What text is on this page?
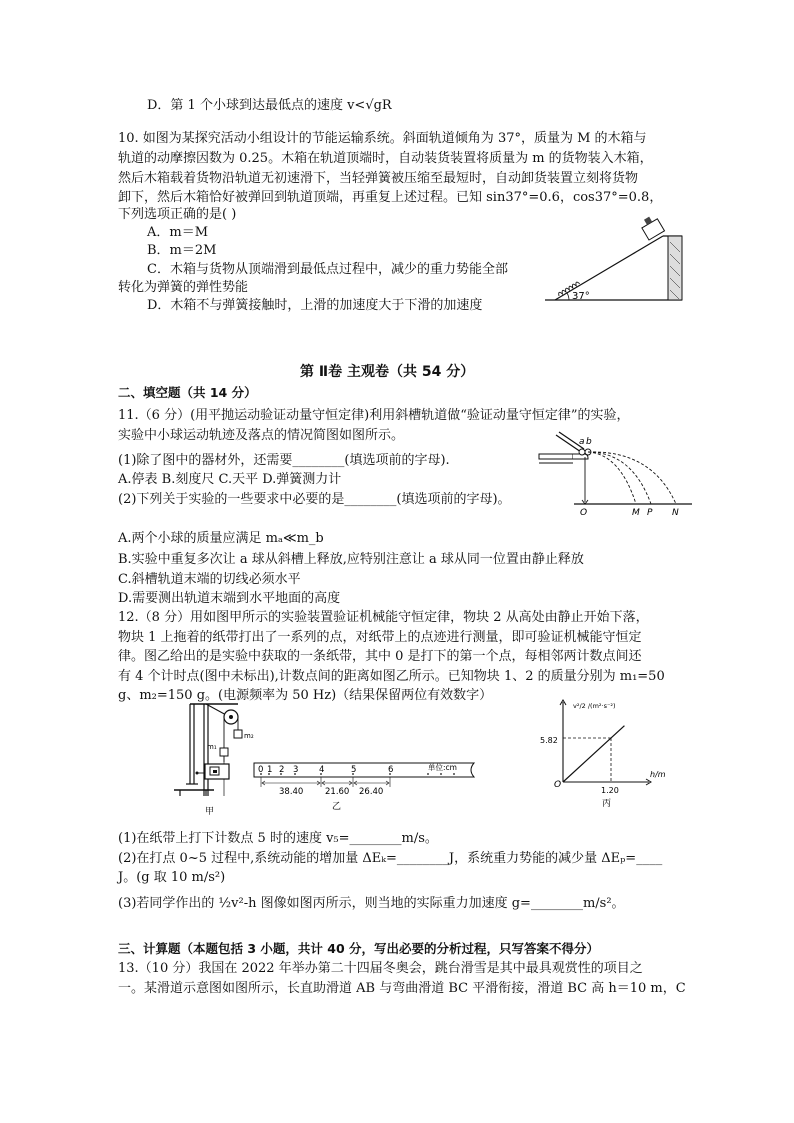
D．第 1 个小球到达最低点的速度 v<√gR
10. 如图为某探究活动小组设计的节能运输系统。斜面轨道倾角为 37°，质量为 M 的木箱与
轨道的动摩擦因数为 0.25。木箱在轨道顶端时，自动装货装置将质量为 m 的货物装入木箱，
然后木箱载着货物沿轨道无初速滑下，当轻弹簧被压缩至最短时，自动卸货装置立刻将货物
卸下，然后木箱恰好被弹回到轨道顶端，再重复上述过程。已知 sin37°=0.6，cos37°=0.8，
下列选项正确的是( )
A．m＝M
B．m＝2M
C．木箱与货物从顶端滑到最低点过程中，减少的重力势能全部
转化为弹簧的弹性势能
D．木箱不与弹簧接触时，上滑的加速度大于下滑的加速度
37°
第 Ⅱ卷 主观卷（共 54 分）
二、填空题（共 14 分）
11.（6 分）(用平抛运动验证动量守恒定律)利用斜槽轨道做“验证动量守恒定律”的实验，
实验中小球运动轨迹及落点的情况简图如图所示。
(1)除了图中的器材外，还需要________(填选项前的字母).
A.停表 B.刻度尺 C.天平 D.弹簧测力计
(2)下列关于实验的一些要求中必要的是________(填选项前的字母)。
A.两个小球的质量应满足 mₐ≪m_b
B.实验中重复多次让 a 球从斜槽上释放,应特别注意让 a 球从同一位置由静止释放
C.斜槽轨道末端的切线必须水平
D.需要测出轨道末端到水平地面的高度
a b
O	M P N
12.（8 分）用如图甲所示的实验装置验证机械能守恒定律，物块 2 从高处由静止开始下落，
物块 1 上拖着的纸带打出了一系列的点，对纸带上的点迹进行测量，即可验证机械能守恒定
律。图乙给出的是实验中获取的一条纸带，其中 0 是打下的第一个点，每相邻两计数点间还
有 4 个计时点(图中未标出),计数点间的距离如图乙所示。已知物块 1、2 的质量分别为 m₁=50
g、m₂=150 g。(电源频率为 50 Hz)（结果保留两位有效数字）
m₂
m₁
甲
0 1 2 3 4	5	6	单位:cm
38.40	21.60 26.40
乙
v²/2 /(m²·s⁻²)
h/m
O
5.82
1.20
丙
(1)在纸带上打下计数点 5 时的速度 v₅=________m/s。
(2)在打点 0~5 过程中,系统动能的增加量 ΔEₖ=________J，系统重力势能的减少量 ΔEₚ=____
J。(g 取 10 m/s²)
(3)若同学作出的 ½v²-h 图像如图丙所示，则当地的实际重力加速度 g=________m/s²。
三、计算题（本题包括 3 小题，共计 40 分，写出必要的分析过程，只写答案不得分）
13.（10 分）我国在 2022 年举办第二十四届冬奥会，跳台滑雪是其中最具观赏性的项目之
一。某滑道示意图如图所示，长直助滑道 AB 与弯曲滑道 BC 平滑衔接，滑道 BC 高 h＝10 m，C
